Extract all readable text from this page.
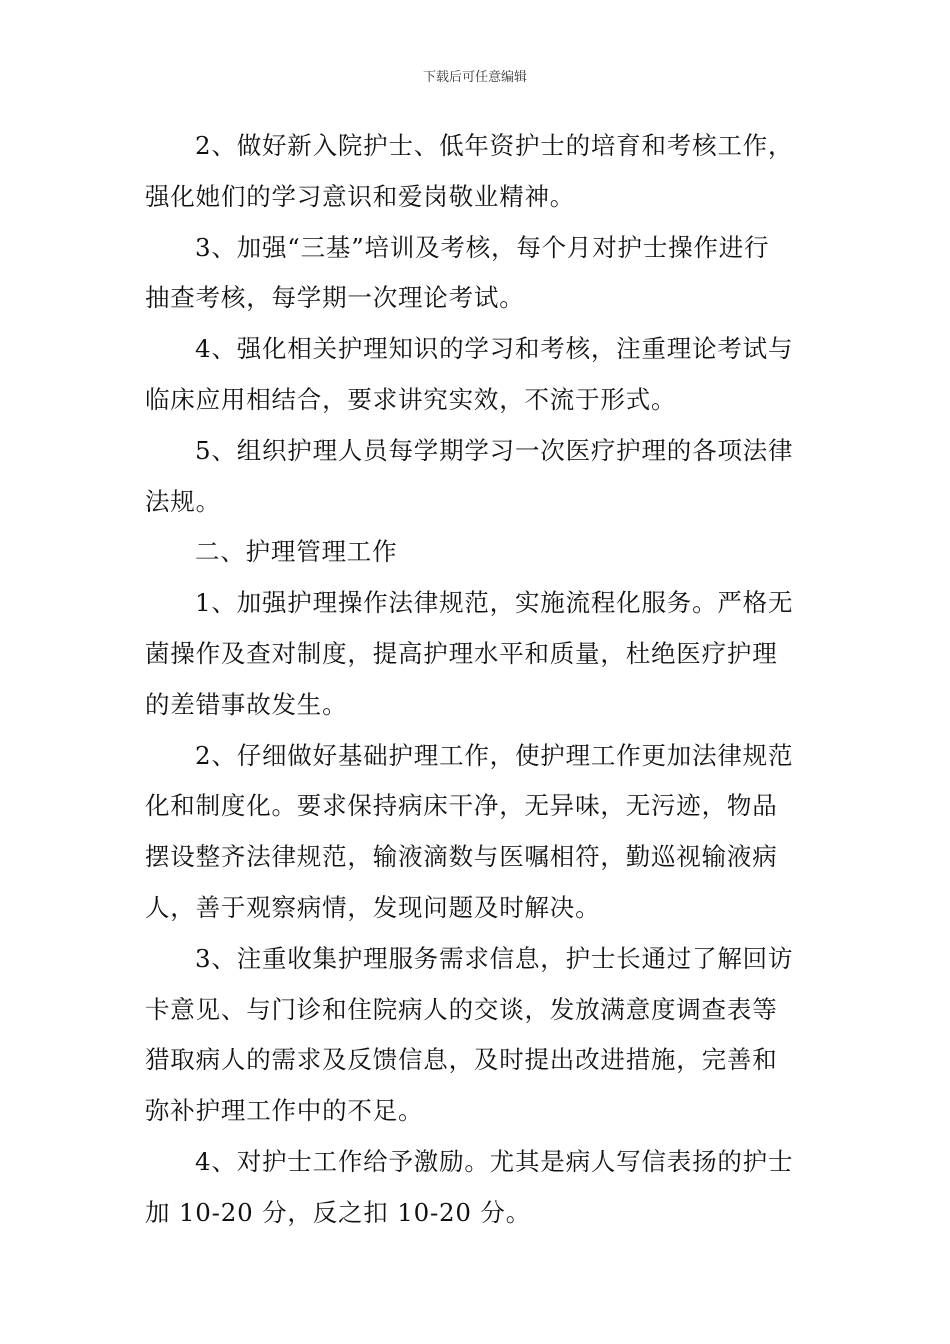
下载后可任意编辑
2、做好新入院护士、低年资护士的培育和考核工作，
强化她们的学习意识和爱岗敬业精神。
3、加强“三基”培训及考核，每个月对护士操作进行
抽查考核，每学期一次理论考试。
4、强化相关护理知识的学习和考核，注重理论考试与
临床应用相结合，要求讲究实效，不流于形式。
5、组织护理人员每学期学习一次医疗护理的各项法律
法规。
二、护理管理工作
1、加强护理操作法律规范，实施流程化服务。严格无
菌操作及查对制度，提高护理水平和质量，杜绝医疗护理
的差错事故发生。
2、仔细做好基础护理工作，使护理工作更加法律规范
化和制度化。要求保持病床干净，无异味，无污迹，物品
摆设整齐法律规范，输液滴数与医嘱相符，勤巡视输液病
人，善于观察病情，发现问题及时解决。
3、注重收集护理服务需求信息，护士长通过了解回访
卡意见、与门诊和住院病人的交谈，发放满意度调查表等
猎取病人的需求及反馈信息，及时提出改进措施，完善和
弥补护理工作中的不足。
4、对护士工作给予激励。尤其是病人写信表扬的护士
加 10-20 分，反之扣 10-20 分。
